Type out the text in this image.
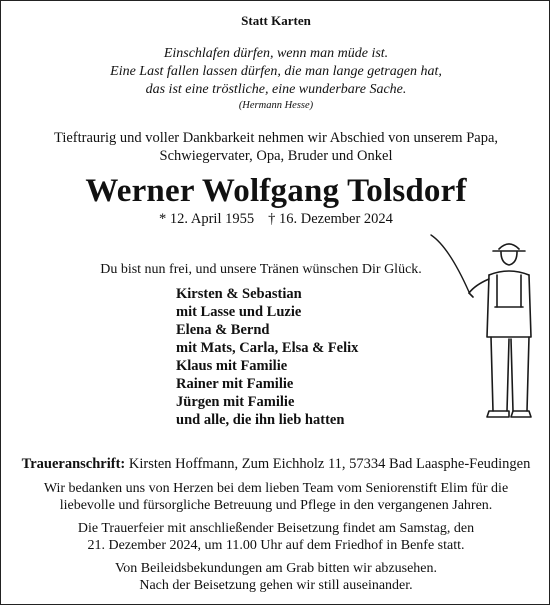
Statt Karten
Einschlafen dürfen, wenn man müde ist.
Eine Last fallen lassen dürfen, die man lange getragen hat,
das ist eine tröstliche, eine wunderbare Sache.
(Hermann Hesse)
Tieftraurig und voller Dankbarkeit nehmen wir Abschied von unserem Papa,
Schwiegervater, Opa, Bruder und Onkel
Werner Wolfgang Tolsdorf
* 12. April 1955 † 16. Dezember 2024
Du bist nun frei, und unsere Tränen wünschen Dir Glück.
Kirsten & Sebastian
mit Lasse und Luzie
Elena & Bernd
mit Mats, Carla, Elsa & Felix
Klaus mit Familie
Rainer mit Familie
Jürgen mit Familie
und alle, die ihn lieb hatten
Traueranschrift: Kirsten Hoffmann, Zum Eichholz 11, 57334 Bad Laasphe-Feudingen
Wir bedanken uns von Herzen bei dem lieben Team vom Seniorenstift Elim für die
liebevolle und fürsorgliche Betreuung und Pflege in den vergangenen Jahren.
Die Trauerfeier mit anschließender Beisetzung findet am Samstag, den
21. Dezember 2024, um 11.00 Uhr auf dem Friedhof in Benfe statt.
Von Beileidsbekundungen am Grab bitten wir abzusehen.
Nach der Beisetzung gehen wir still auseinander.
